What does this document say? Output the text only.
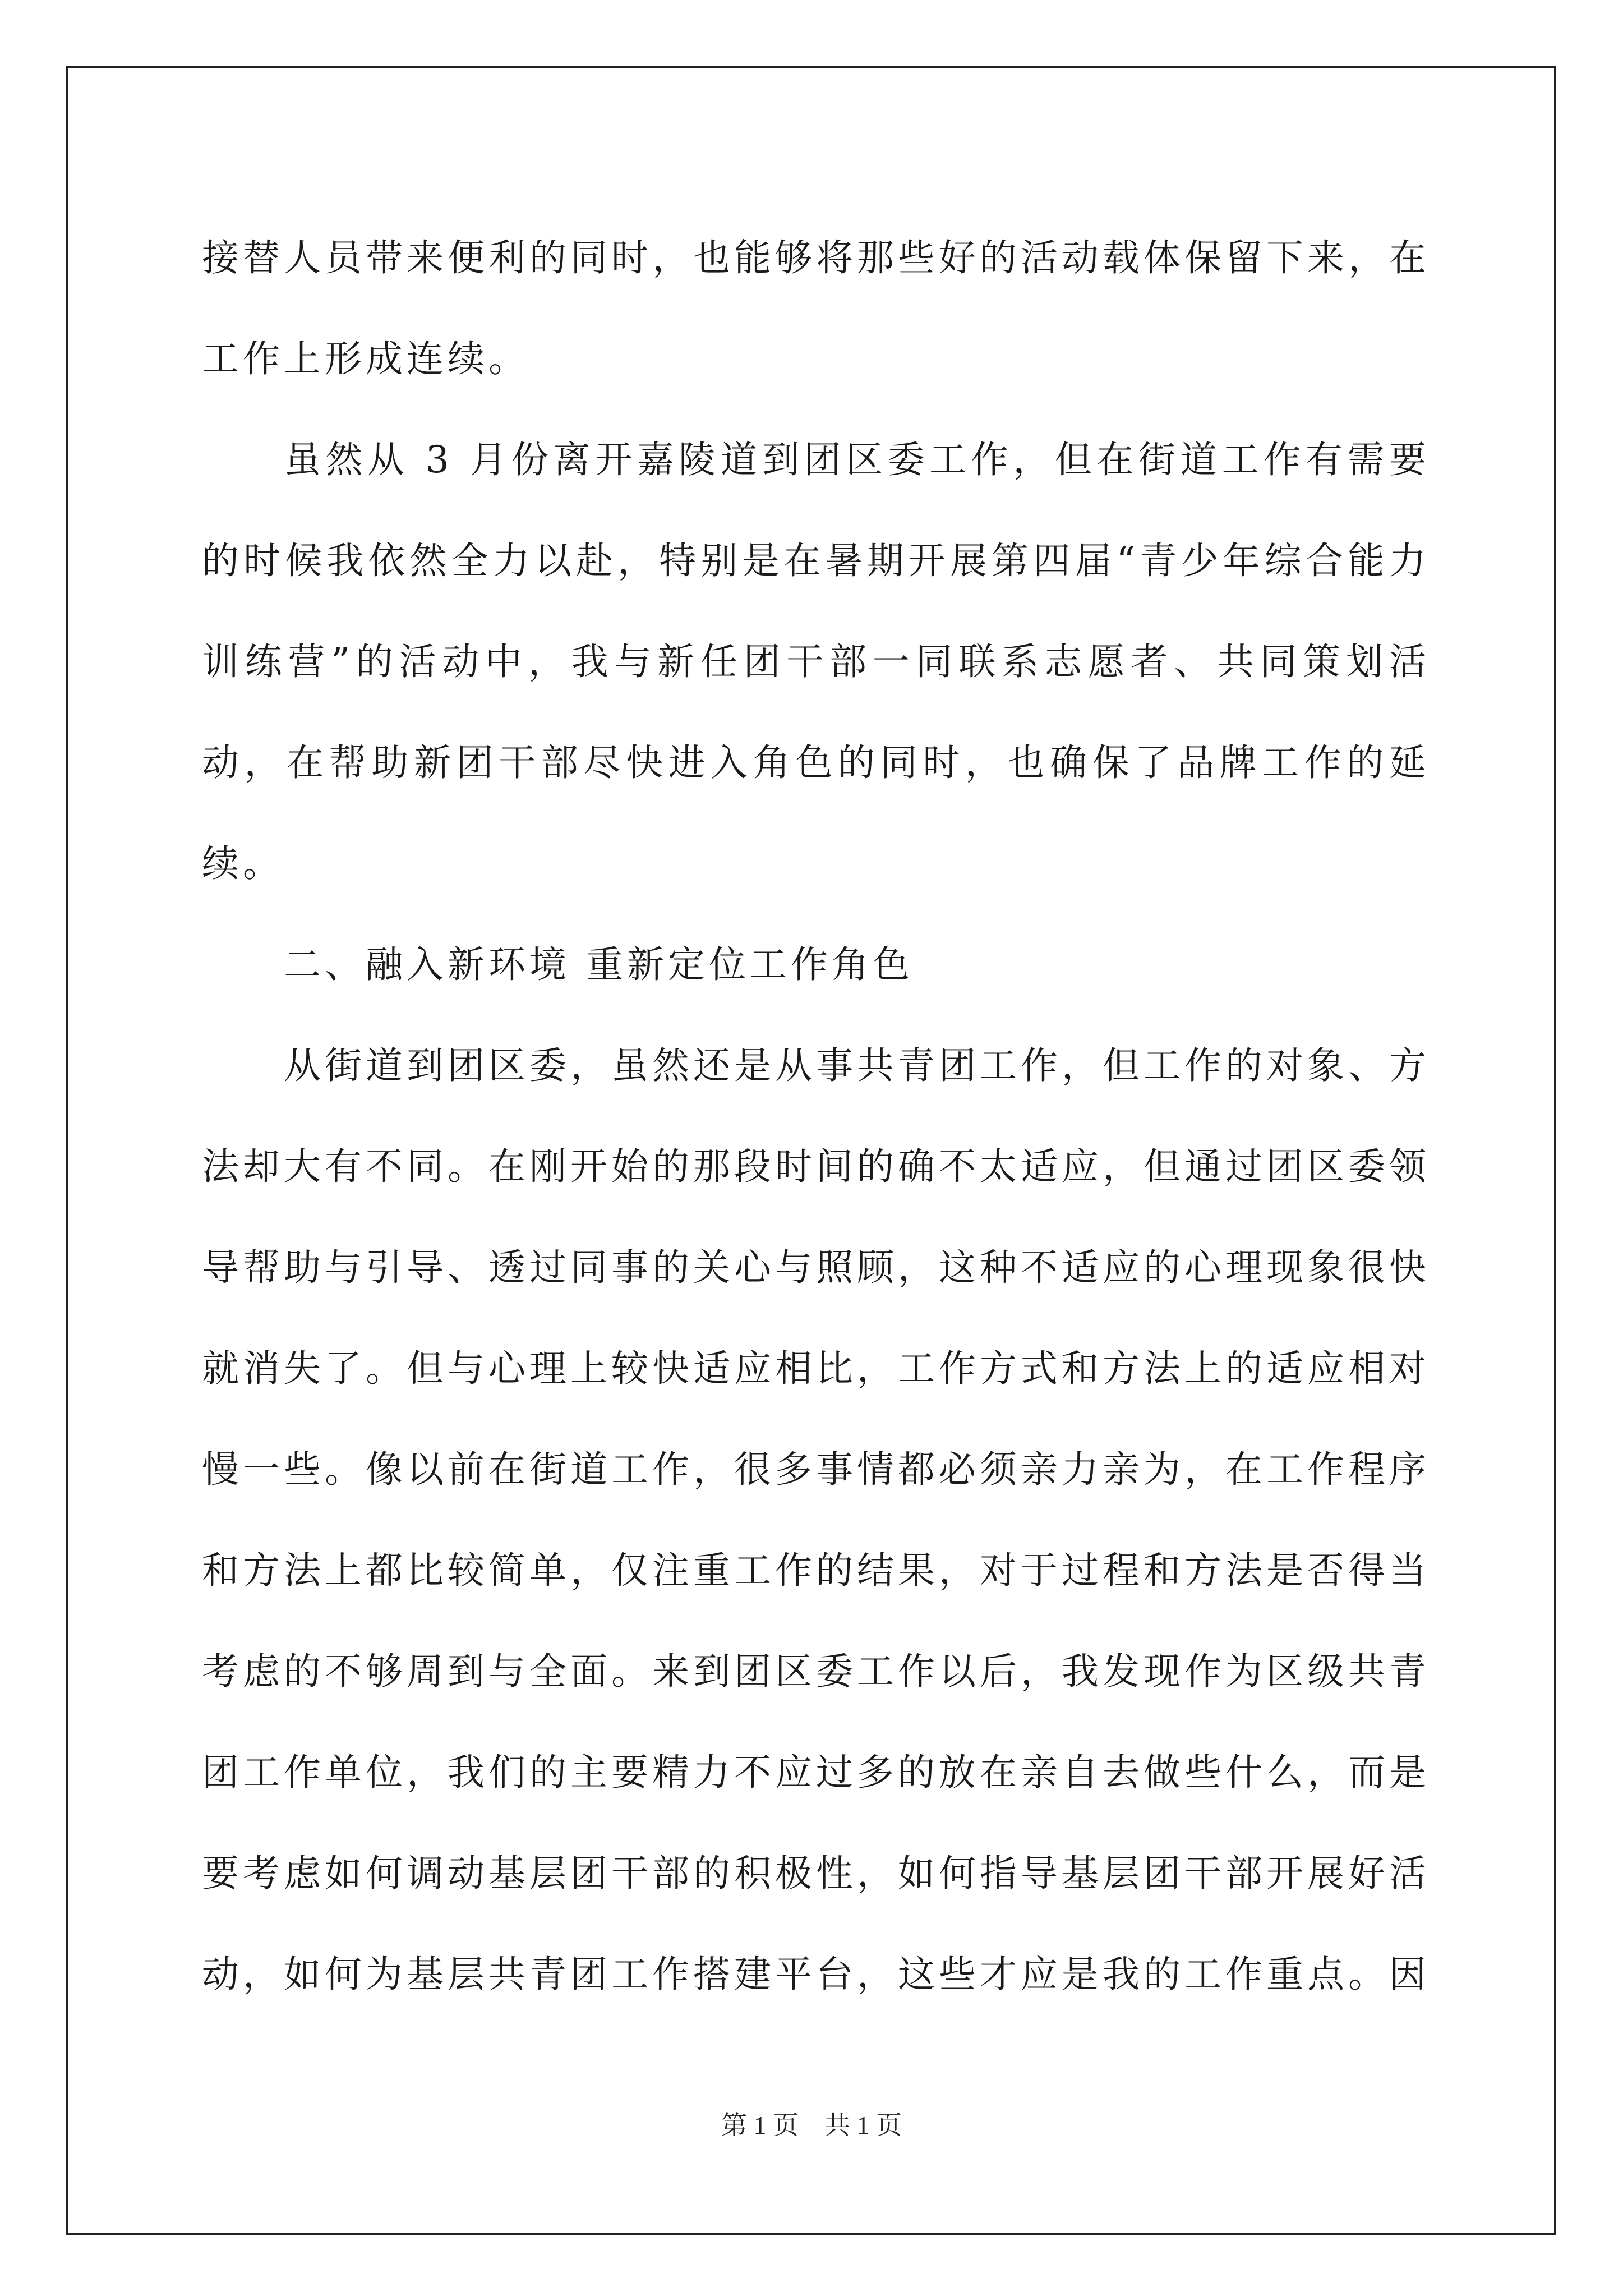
接替人员带来便利的同时，也能够将那些好的活动载体保留下来，在工作上形成连续。

虽然从 3 月份离开嘉陵道到团区委工作，但在街道工作有需要的时候我依然全力以赴，特别是在暑期开展第四届“青少年综合能力训练营”的活动中，我与新任团干部一同联系志愿者、共同策划活动，在帮助新团干部尽快进入角色的同时，也确保了品牌工作的延续。

二、融入新环境 重新定位工作角色

从街道到团区委，虽然还是从事共青团工作，但工作的对象、方法却大有不同。在刚开始的那段时间的确不太适应，但通过团区委领导帮助与引导、透过同事的关心与照顾，这种不适应的心理现象很快就消失了。但与心理上较快适应相比，工作方式和方法上的适应相对慢一些。像以前在街道工作，很多事情都必须亲力亲为，在工作程序和方法上都比较简单，仅注重工作的结果，对于过程和方法是否得当考虑的不够周到与全面。来到团区委工作以后，我发现作为区级共青团工作单位，我们的主要精力不应过多的放在亲自去做些什么，而是要考虑如何调动基层团干部的积极性，如何指导基层团干部开展好活动，如何为基层共青团工作搭建平台，这些才应是我的工作重点。因

第 1 页    共 1 页
